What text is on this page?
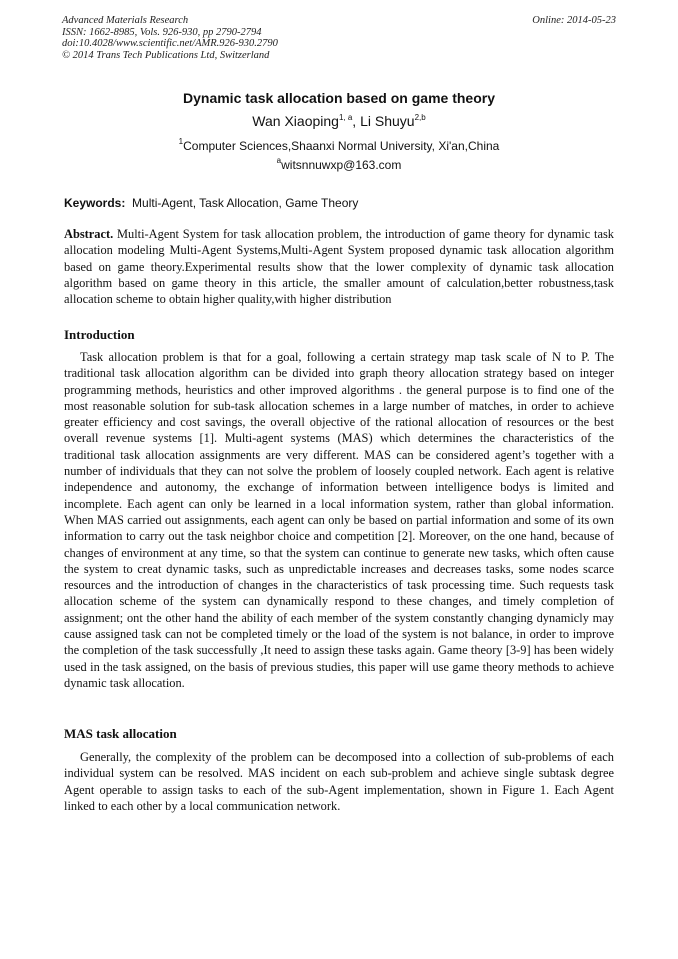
Advanced Materials Research
ISSN: 1662-8985, Vols. 926-930, pp 2790-2794
doi:10.4028/www.scientific.net/AMR.926-930.2790
© 2014 Trans Tech Publications Ltd, Switzerland
Online: 2014-05-23
Dynamic task allocation based on game theory
Wan Xiaoping$^{1, a}$, Li Shuyu$^{2,b}$
$^1$Computer Sciences,Shaanxi Normal University, Xi'an,China
$^a$witsnnuwxp@163.com
Keywords: Multi-Agent, Task Allocation, Game Theory

Abstract. Multi-Agent System for task allocation problem, the introduction of game theory for dynamic task allocation modeling Multi-Agent Systems,Multi-Agent System proposed dynamic task allocation algorithm based on game theory.Experimental results show that the lower complexity of dynamic task allocation algorithm based on game theory in this article, the smaller amount of calculation,better robustness,task allocation scheme to obtain higher quality,with higher distribution

Introduction

Task allocation problem is that for a goal, following a certain strategy map task scale of N to P. The traditional task allocation algorithm can be divided into graph theory allocation strategy based on integer programming methods, heuristics and other improved algorithms . the general purpose is to find one of the most reasonable solution for sub-task allocation schemes in a large number of matches, in order to achieve greater efficiency and cost savings, the overall objective of the rational allocation of resources or the best overall revenue systems [1]. Multi-agent systems (MAS) which determines the characteristics of the traditional task allocation assignments are very different. MAS can be considered agent’s together with a number of individuals that they can not solve the problem of loosely coupled network. Each agent is relative independence and autonomy, the exchange of information between intelligence bodys is limited and incomplete. Each agent can only be learned in a local information system, rather than global information. When MAS carried out assignments, each agent can only be based on partial information and some of its own information to carry out the task neighbor choice and competition [2]. Moreover, on the one hand, because of changes of environment at any time, so that the system can continue to generate new tasks, which often cause the system to creat dynamic tasks, such as unpredictable increases and decreases tasks, some nodes scarce resources and the introduction of changes in the characteristics of task processing time. Such requests task allocation scheme of the system can dynamically respond to these changes, and timely completion of assignment; ont the other hand the ability of each member of the system constantly changing dynamicly may cause assigned task can not be completed timely or the load of the system is not balance, in order to improve the completion of the task successfully ,It need to assign these tasks again. Game theory [3-9] has been widely used in the task assigned, on the basis of previous studies, this paper will use game theory methods to achieve dynamic task allocation.

MAS task allocation

Generally, the complexity of the problem can be decomposed into a collection of sub-problems of each individual system can be resolved. MAS incident on each sub-problem and achieve single subtask degree Agent operable to assign tasks to each of the sub-Agent implementation, shown in Figure 1. Each Agent linked to each other by a local communication network.
